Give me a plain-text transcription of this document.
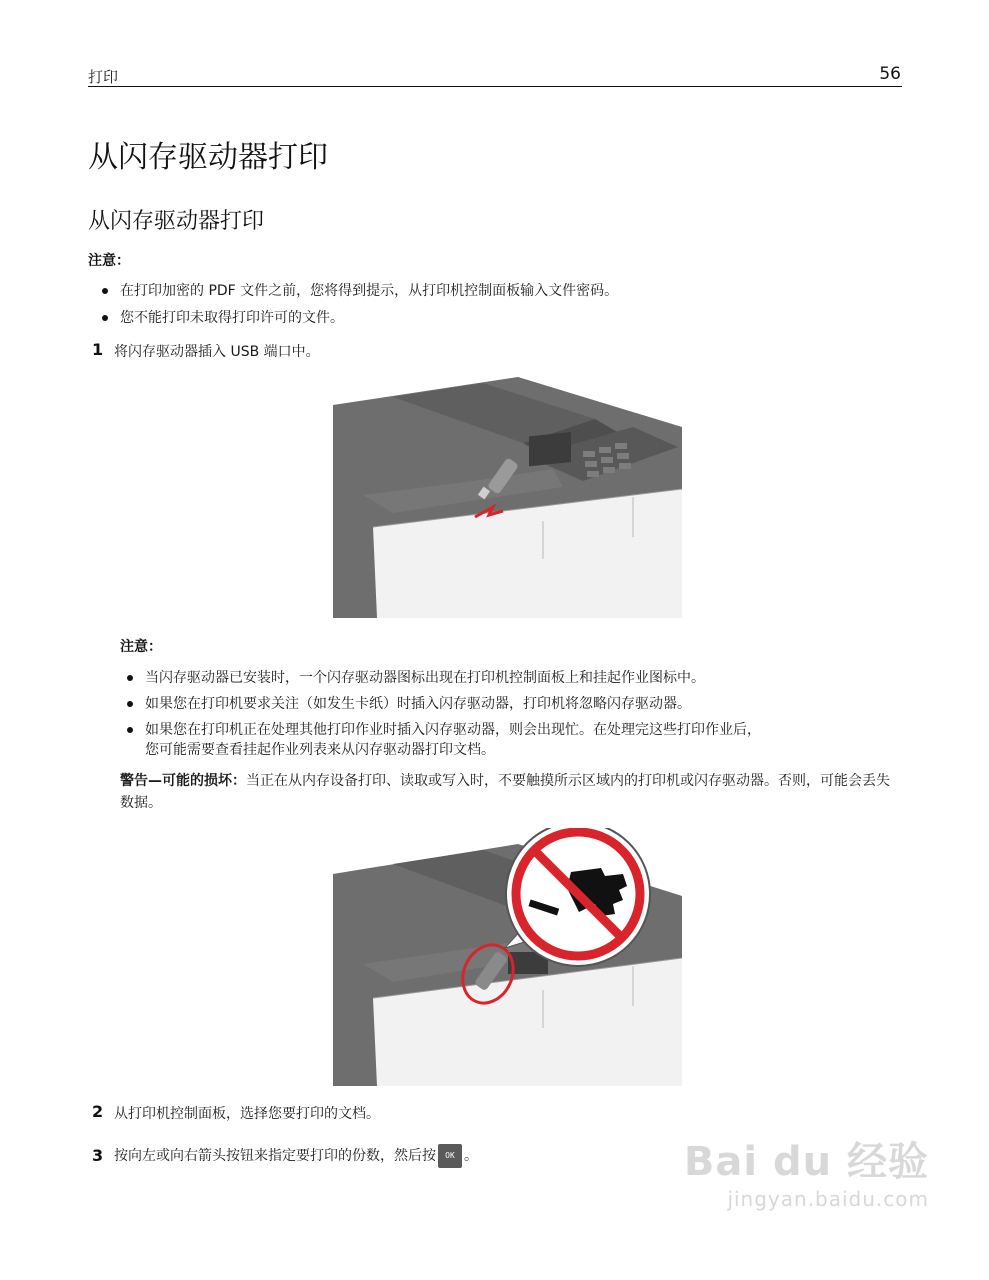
打印	56
从闪存驱动器打印
从闪存驱动器打印
注意：
在打印加密的 PDF 文件之前，您将得到提示，从打印机控制面板输入文件密码。
您不能打印未取得打印许可的文件。
1 将闪存驱动器插入 USB 端口中。
注意：
当闪存驱动器已安装时，一个闪存驱动器图标出现在打印机控制面板上和挂起作业图标中。
如果您在打印机要求关注（如发生卡纸）时插入闪存驱动器，打印机将忽略闪存驱动器。
如果您在打印机正在处理其他打印作业时插入闪存驱动器，则会出现忙。在处理完这些打印作业后，
您可能需要查看挂起作业列表来从闪存驱动器打印文档。
警告—可能的损坏：当正在从内存设备打印、读取或写入时，不要触摸所示区域内的打印机或闪存驱动器。否则，可能会丢失数据。
2 从打印机控制面板，选择您要打印的文档。
3 按向左或向右箭头按钮来指定要打印的份数，然后按 OK 。	Bai du 经验
jingyan.baidu.com
